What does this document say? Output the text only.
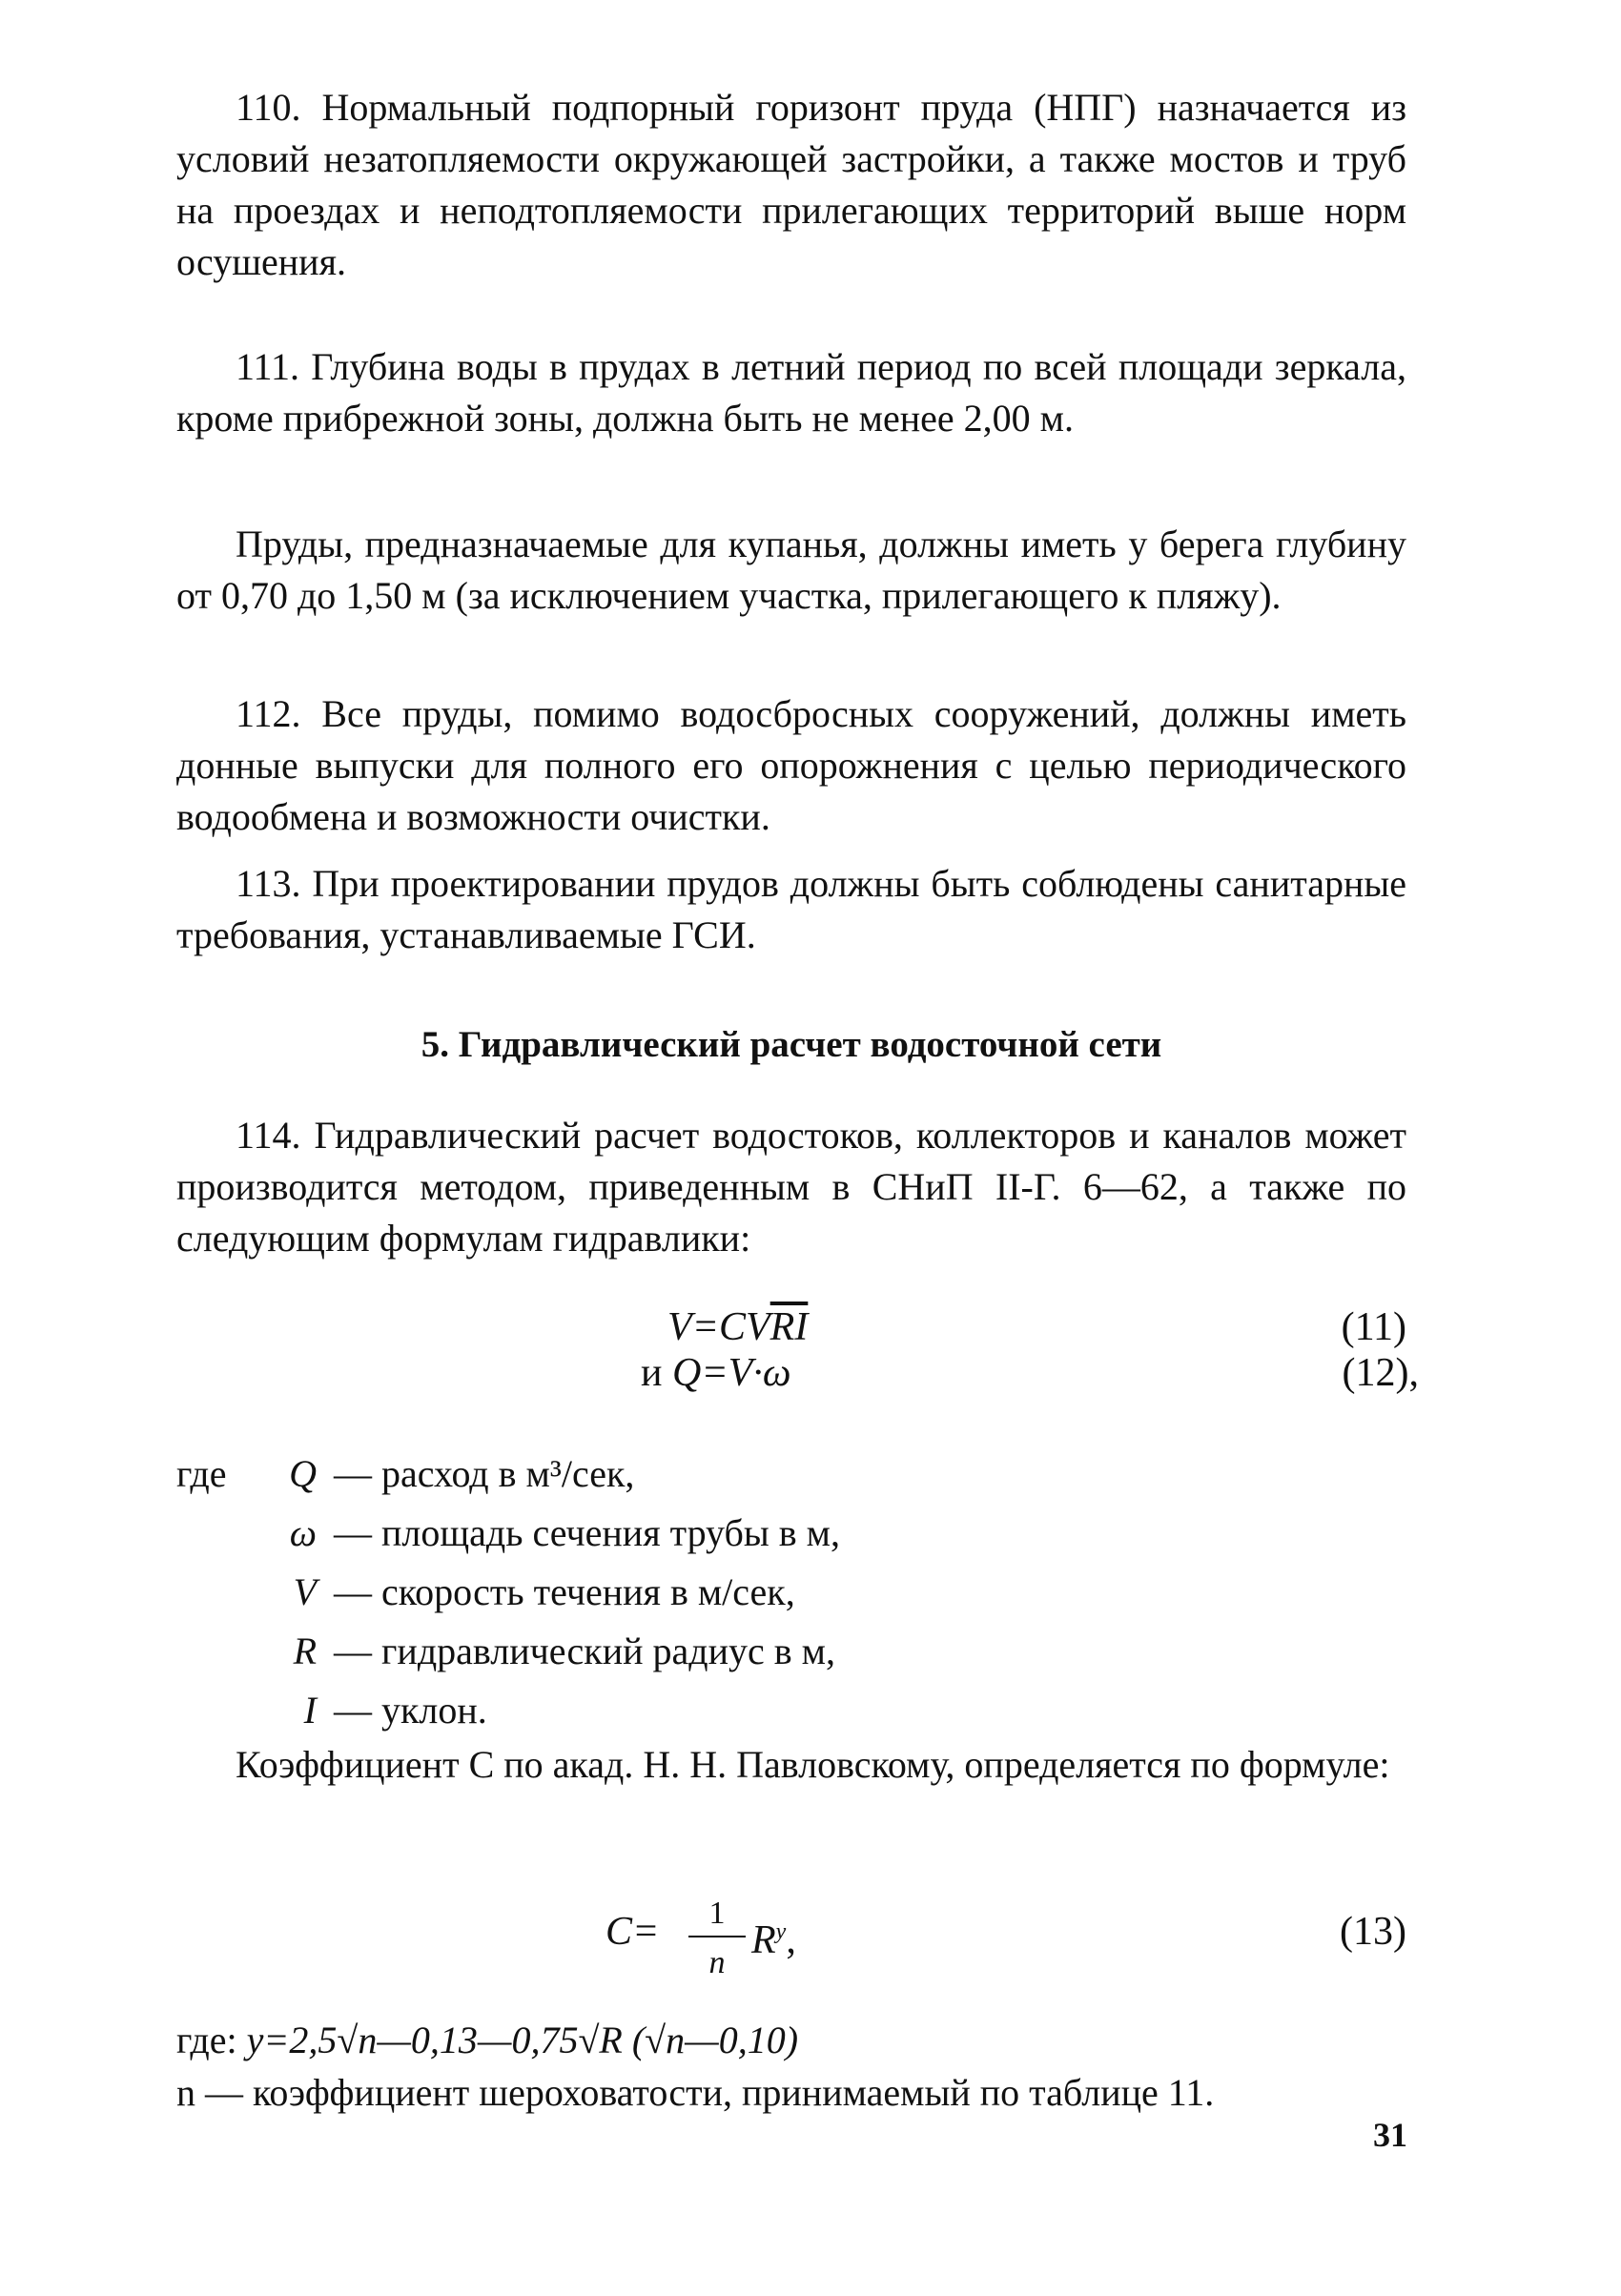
110. Нормальный подпорный горизонт пруда (НПГ) назначается из условий незатопляемости окружающей застройки, а также мостов и труб на проездах и неподтопляемости прилегающих территорий выше норм осушения.

111. Глубина воды в прудах в летний период по всей площади зеркала, кроме прибрежной зоны, должна быть не менее 2,00 м.

Пруды, предназначаемые для купанья, должны иметь у берега глубину от 0,70 до 1,50 м (за исключением участка, прилегающего к пляжу).

112. Все пруды, помимо водосбросных сооружений, должны иметь донные выпуски для полного его опорожнения с целью периодического водообмена и возможности очистки.

113. При проектировании прудов должны быть соблюдены санитарные требования, устанавливаемые ГСИ.

5. Гидравлический расчет водосточной сети

114. Гидравлический расчет водостоков, коллекторов и каналов может производится методом, приведенным в СНиП II-Г. 6—62, а также по следующим формулам гидравлики:

$V=CV\overline{RI}$	(11)
и Q=V·ω	(12),
где	Q — расход в м³/сек,
ω — площадь сечения трубы в м,
V — скорость течения в м/сек,
R — гидравлический радиус в м,
I — уклон.

Коэффициент C по акад. Н. Н. Павловскому, определяется по формуле:

C=	1
n
$R^y$,	(13)
где: y=2,5√n—0,13—0,75√R (√n—0,10)

n — коэффициент шероховатости, принимаемый по таблице 11.

31
